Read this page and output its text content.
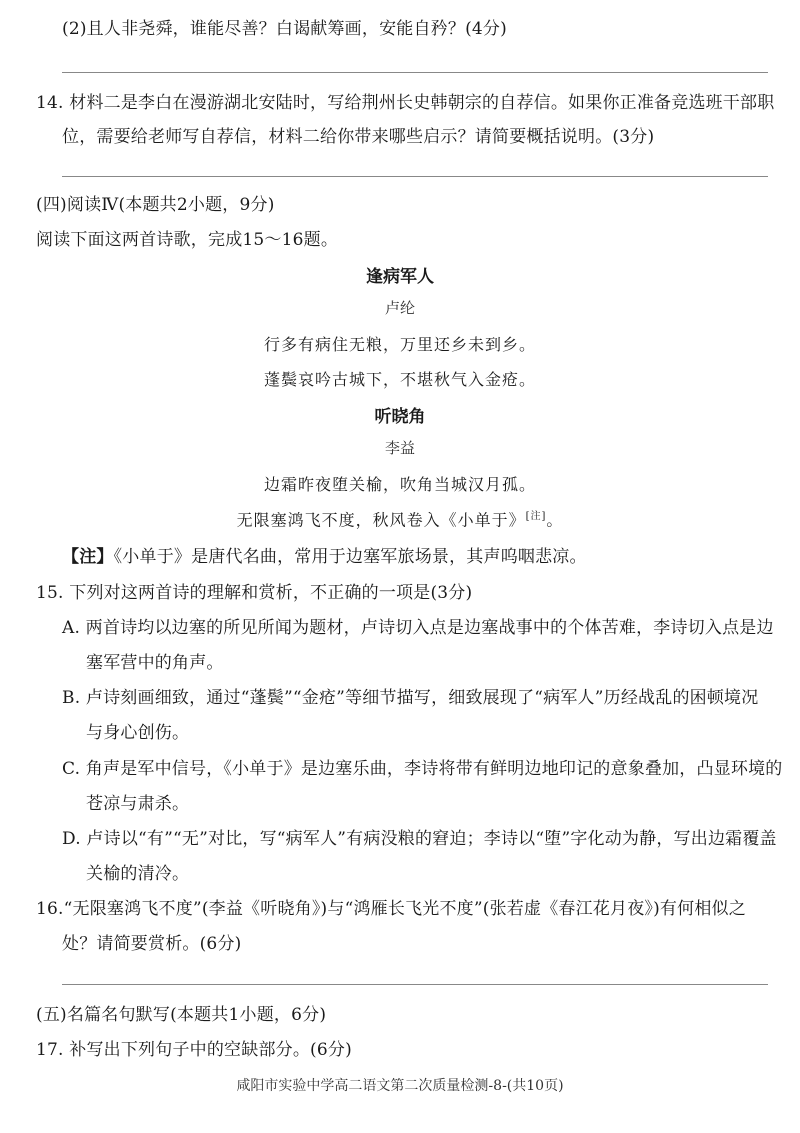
(2)且人非尧舜，谁能尽善？白谒献筹画，安能自矜？(4分)
14. 材料二是李白在漫游湖北安陆时，写给荆州长史韩朝宗的自荐信。如果你正准备竞选班干部职
位，需要给老师写自荐信，材料二给你带来哪些启示？请简要概括说明。(3分)
(四)阅读Ⅳ(本题共2小题，9分)
阅读下面这两首诗歌，完成15～16题。
逢病军人
卢纶
行多有病住无粮，万里还乡未到乡。
蓬鬓哀吟古城下，不堪秋气入金疮。
听晓角
李益
边霜昨夜堕关榆，吹角当城汉月孤。
无限塞鸿飞不度，秋风卷入《小单于》[注]。
【注】《小单于》是唐代名曲，常用于边塞军旅场景，其声呜咽悲凉。
15. 下列对这两首诗的理解和赏析，不正确的一项是(3分)
A. 两首诗均以边塞的所见所闻为题材，卢诗切入点是边塞战事中的个体苦难，李诗切入点是边
塞军营中的角声。
B. 卢诗刻画细致，通过“蓬鬓”“金疮”等细节描写，细致展现了“病军人”历经战乱的困顿境况
与身心创伤。
C. 角声是军中信号，《小单于》是边塞乐曲，李诗将带有鲜明边地印记的意象叠加，凸显环境的
苍凉与肃杀。
D. 卢诗以“有”“无”对比，写“病军人”有病没粮的窘迫；李诗以“堕”字化动为静，写出边霜覆盖
关榆的清冷。
16.“无限塞鸿飞不度”(李益《听晓角》)与“鸿雁长飞光不度”(张若虚《春江花月夜》)有何相似之
处？请简要赏析。(6分)
(五)名篇名句默写(本题共1小题，6分)
17. 补写出下列句子中的空缺部分。(6分)
咸阳市实验中学高二语文第二次质量检测-8-(共10页)
